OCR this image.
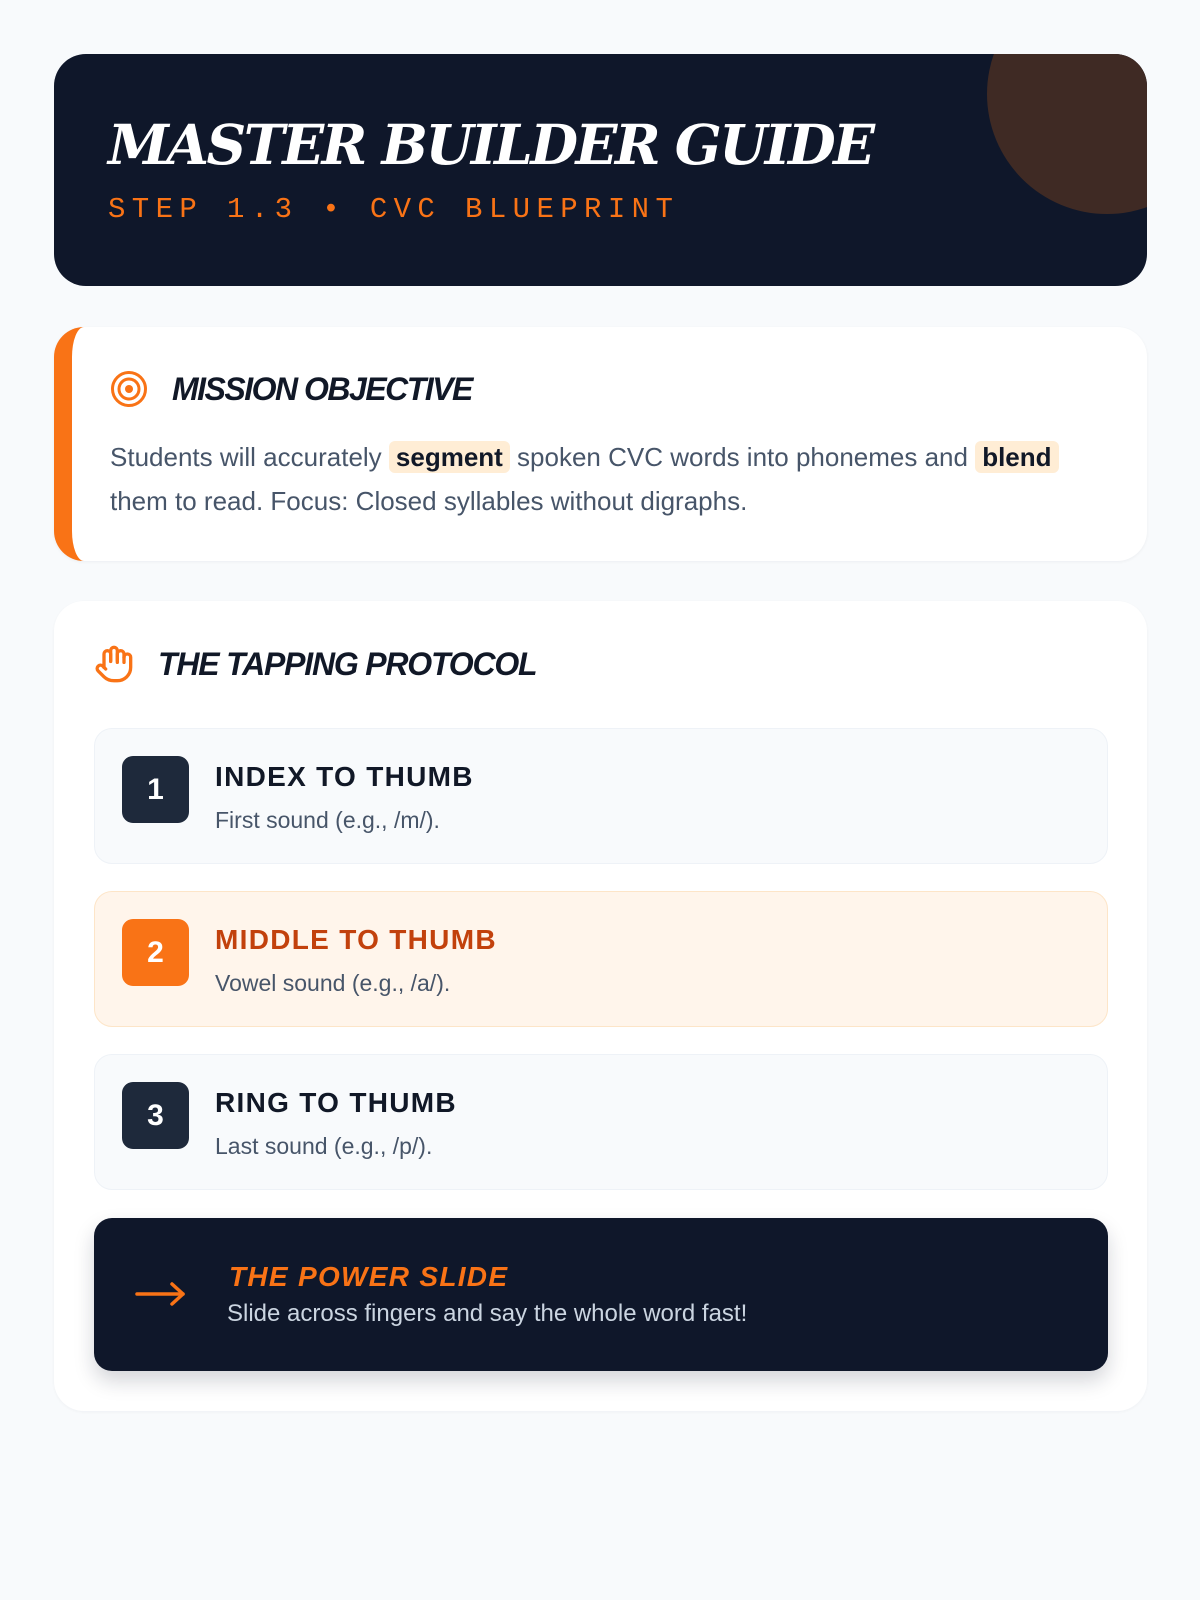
MASTER BUILDER GUIDE
STEP 1.3 • CVC BLUEPRINT
MISSION OBJECTIVE

Students will accurately segment spoken CVC words into phonemes and blend them to read. Focus: Closed syllables without digraphs.

THE TAPPING PROTOCOL
1	INDEX TO THUMB
First sound (e.g., /m/).
2	MIDDLE TO THUMB
Vowel sound (e.g., /a/).
3	RING TO THUMB
Last sound (e.g., /p/).
THE POWER SLIDE
Slide across fingers and say the whole word fast!
